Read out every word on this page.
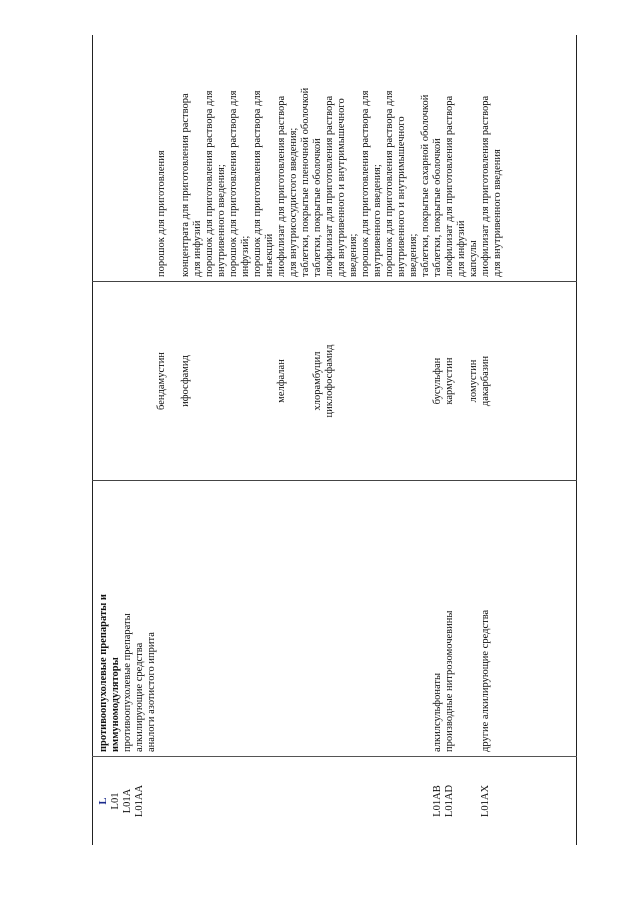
L L01 L01A L01AA
противоопухолевые препараты и иммуномодуляторы противоопухолевые препараты алкилирующие средства аналоги азотистого иприта
бендамустин
порошок для приготовления
ифосфамид
концентрата для приготовления раствора для инфузий порошок для приготовления раствора для внутривенного введения; порошок для приготовления раствора для инфузий; порошок для приготовления раствора для инъекций
мелфалан
лиофилизат для приготовления раствора для внутрисосудистого введения; таблетки, покрытые пленочной оболочкой
хлорамбуцил циклофосфамид
таблетки, покрытые оболочкой лиофилизат для приготовления раствора для внутривенного и внутримышечного введения; порошок для приготовления раствора для внутривенного введения; порошок для приготовления раствора для внутривенного и внутримышечного введения; таблетки, покрытые сахарной оболочкой
L01AB
алкилсульфонаты
бусульфан
таблетки, покрытые оболочкой
L01AD
производные нитрозомочевины
кармустин
лиофилизат для приготовления раствора для инфузий
ломустин
капсулы
L01AX
другие алкилирующие средства
дакарбазин
лиофилизат для приготовления раствора для внутривенного введения
